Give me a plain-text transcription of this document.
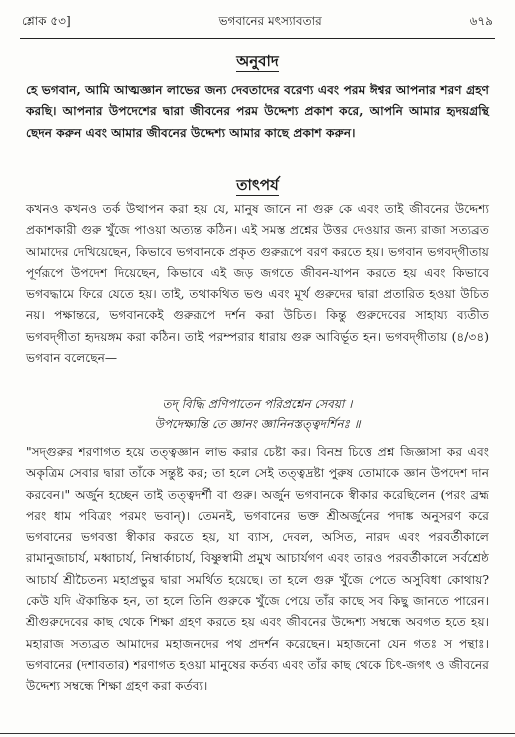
শ্লোক ৫৩]	ভগবানের মৎস্যাবতার	৬৭৯
অনুবাদ
হে ভগবান, আমি আত্মজ্ঞান লাভের জন্য দেবতাদের বরেণ্য এবং পরম ঈশ্বর আপনার শরণ গ্রহণ করছি। আপনার উপদেশের দ্বারা জীবনের পরম উদ্দেশ্য প্রকাশ করে, আপনি আমার হৃদয়গ্রন্থি ছেদন করুন এবং আমার জীবনের উদ্দেশ্য আমার কাছে প্রকাশ করুন।
তাৎপর্য
কখনও কখনও তর্ক উত্থাপন করা হয় যে, মানুষ জানে না গুরু কে এবং তাই জীবনের উদ্দেশ্য প্রকাশকারী গুরু খুঁজে পাওয়া অত্যন্ত কঠিন। এই সমস্ত প্রশ্নের উত্তর দেওয়ার জন্য রাজা সত্যব্রত আমাদের দেখিয়েছেন, কিভাবে ভগবানকে প্রকৃত গুরুরূপে বরণ করতে হয়। ভগবান ভগবদ্‌গীতায় পূর্ণরূপে উপদেশ দিয়েছেন, কিভাবে এই জড় জগতে জীবন-যাপন করতে হয় এবং কিভাবে ভগবদ্ধামে ফিরে যেতে হয়। তাই, তথাকথিত ভণ্ড এবং মূর্খ গুরুদের দ্বারা প্রতারিত হওয়া উচিত নয়। পক্ষান্তরে, ভগবানকেই গুরুরূপে দর্শন করা উচিত। কিন্তু গুরুদেবের সাহায্য ব্যতীত ভগবদ্‌গীতা হৃদয়ঙ্গম করা কঠিন। তাই পরম্পরার ধারায় গুরু আবির্ভূত হন। ভগবদ্‌গীতায় (৪/৩৪) ভগবান বলেছেন—
তদ্ বিদ্ধি প্রণিপাতেন পরিপ্রশ্নেন সেবয়া ।
উপদেক্ষ্যন্তি তে জ্ঞানং জ্ঞানিনস্তত্ত্বদর্শিনঃ ॥
"সদ্‌গুরুর শরণাগত হয়ে তত্ত্বজ্ঞান লাভ করার চেষ্টা কর। বিনম্র চিত্তে প্রশ্ন জিজ্ঞাসা কর এবং অকৃত্রিম সেবার দ্বারা তাঁকে সন্তুষ্ট কর; তা হলে সেই তত্ত্বদ্রষ্টা পুরুষ তোমাকে জ্ঞান উপদেশ দান করবেন।" অর্জুন হচ্ছেন তাই তত্ত্বদর্শী বা গুরু। অর্জুন ভগবানকে স্বীকার করেছিলেন (পরং ব্রহ্ম পরং ধাম পবিত্রং পরমং ভবান্)। তেমনই, ভগবানের ভক্ত শ্রীঅর্জুনের পদাঙ্ক অনুসরণ করে ভগবানের ভগবত্তা স্বীকার করতে হয়, যা ব্যাস, দেবল, অসিত, নারদ এবং পরবর্তীকালে রামানুজাচার্য, মধ্বাচার্য, নিম্বার্কাচার্য, বিষ্ণুস্বামী প্রমুখ আচার্যগণ এবং তারও পরবর্তীকালে সর্বশ্রেষ্ঠ আচার্য শ্রীচৈতন্য মহাপ্রভুর দ্বারা সমর্থিত হয়েছে। তা হলে গুরু খুঁজে পেতে অসুবিধা কোথায়? কেউ যদি ঐকান্তিক হন, তা হলে তিনি গুরুকে খুঁজে পেয়ে তাঁর কাছে সব কিছু জানতে পারেন। শ্রীগুরুদেবের কাছ থেকে শিক্ষা গ্রহণ করতে হয় এবং জীবনের উদ্দেশ্য সম্বন্ধে অবগত হতে হয়। মহারাজ সত্যব্রত আমাদের মহাজনদের পথ প্রদর্শন করেছেন। মহাজনো যেন গতঃ স পন্থাঃ। ভগবানের (দশাবতার) শরণাগত হওয়া মানুষের কর্তব্য এবং তাঁর কাছ থেকে চিৎ-জগৎ ও জীবনের উদ্দেশ্য সম্বন্ধে শিক্ষা গ্রহণ করা কর্তব্য।
